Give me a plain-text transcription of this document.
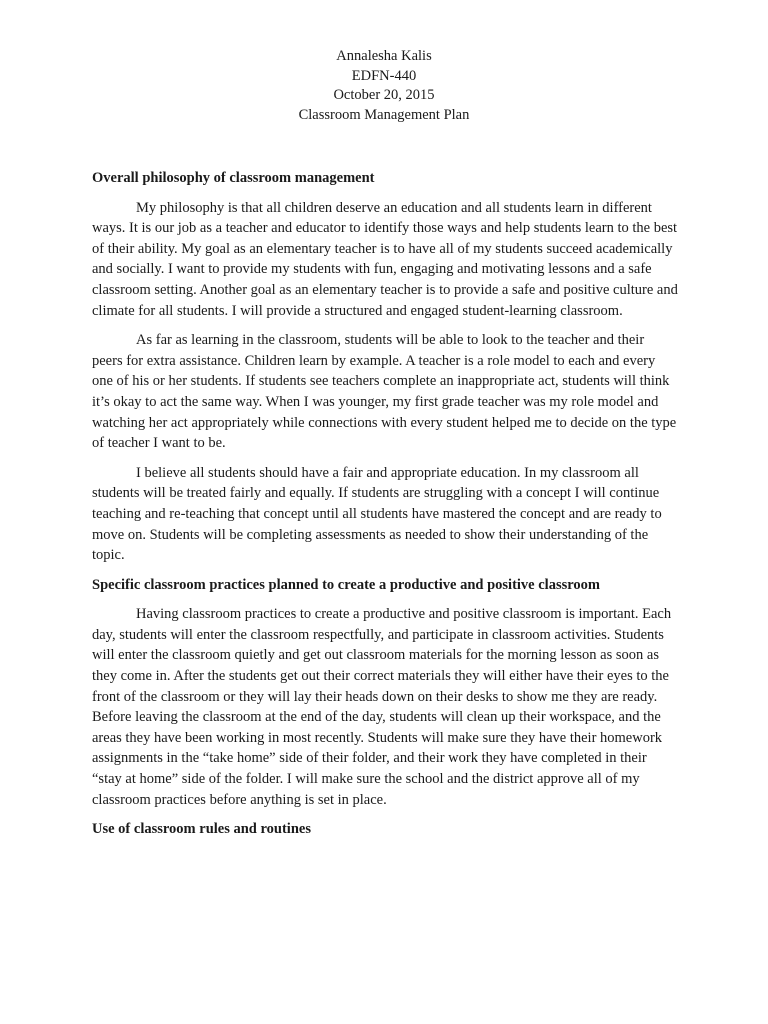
Annalesha Kalis
EDFN-440
October 20, 2015
Classroom Management Plan
Overall philosophy of classroom management

My philosophy is that all children deserve an education and all students learn in different ways. It is our job as a teacher and educator to identify those ways and help students learn to the best of their ability. My goal as an elementary teacher is to have all of my students succeed academically and socially. I want to provide my students with fun, engaging and motivating lessons and a safe classroom setting. Another goal as an elementary teacher is to provide a safe and positive culture and climate for all students. I will provide a structured and engaged student-learning classroom.

As far as learning in the classroom, students will be able to look to the teacher and their peers for extra assistance. Children learn by example. A teacher is a role model to each and every one of his or her students. If students see teachers complete an inappropriate act, students will think it’s okay to act the same way. When I was younger, my first grade teacher was my role model and watching her act appropriately while connections with every student helped me to decide on the type of teacher I want to be.

I believe all students should have a fair and appropriate education. In my classroom all students will be treated fairly and equally. If students are struggling with a concept I will continue teaching and re-teaching that concept until all students have mastered the concept and are ready to move on. Students will be completing assessments as needed to show their understanding of the topic.

Specific classroom practices planned to create a productive and positive classroom

Having classroom practices to create a productive and positive classroom is important. Each day, students will enter the classroom respectfully, and participate in classroom activities. Students will enter the classroom quietly and get out classroom materials for the morning lesson as soon as they come in. After the students get out their correct materials they will either have their eyes to the front of the classroom or they will lay their heads down on their desks to show me they are ready. Before leaving the classroom at the end of the day, students will clean up their workspace, and the areas they have been working in most recently. Students will make sure they have their homework assignments in the “take home” side of their folder, and their work they have completed in their “stay at home” side of the folder. I will make sure the school and the district approve all of my classroom practices before anything is set in place.

Use of classroom rules and routines
